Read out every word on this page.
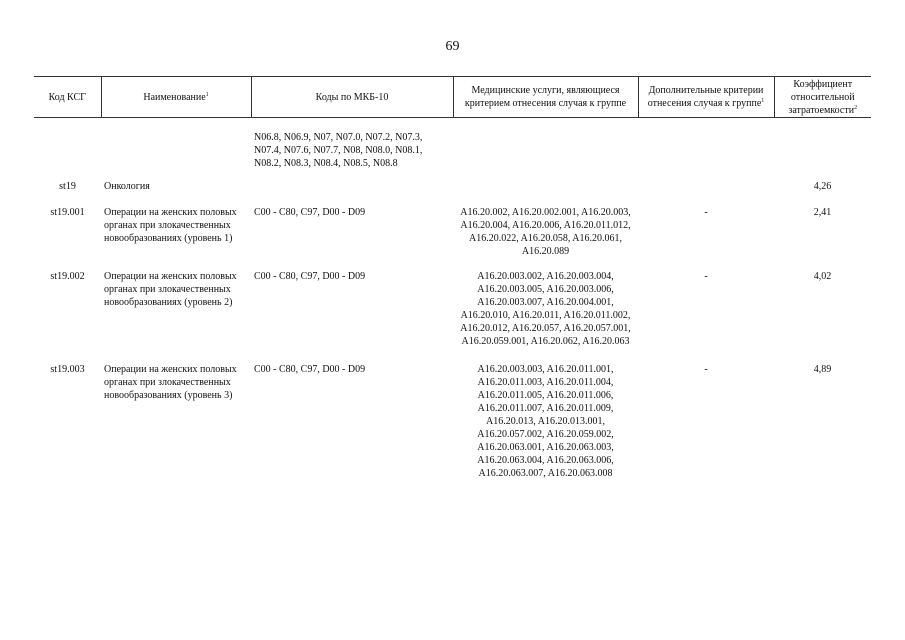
69
Код КСГ	Наименование$^1$	Коды по МКБ-10	Медицинские услуги, являющиеся критерием отнесения случая к группе	Дополнительные критерии отнесения случая к группе$^1$	Коэффициент относительной затратоемкости$^2$
		N06.8, N06.9, N07, N07.0, N07.2, N07.3, N07.4, N07.6, N07.7, N08, N08.0, N08.1, N08.2, N08.3, N08.4, N08.5, N08.8			
st19	Онкология				4,26
st19.001	Операции на женских половых органах при злокачественных новообразованиях (уровень 1)	C00 - C80, C97, D00 - D09	A16.20.002, A16.20.002.001, A16.20.003, A16.20.004, A16.20.006, A16.20.011.012, A16.20.022, A16.20.058, A16.20.061, A16.20.089	-	2,41
st19.002	Операции на женских половых органах при злокачественных новообразованиях (уровень 2)	C00 - C80, C97, D00 - D09	A16.20.003.002, A16.20.003.004, A16.20.003.005, A16.20.003.006, A16.20.003.007, A16.20.004.001, A16.20.010, A16.20.011, A16.20.011.002, A16.20.012, A16.20.057, A16.20.057.001, A16.20.059.001, A16.20.062, A16.20.063	-	4,02
st19.003	Операции на женских половых органах при злокачественных новообразованиях (уровень 3)	C00 - C80, C97, D00 - D09	A16.20.003.003, A16.20.011.001, A16.20.011.003, A16.20.011.004, A16.20.011.005, A16.20.011.006, A16.20.011.007, A16.20.011.009, A16.20.013, A16.20.013.001, A16.20.057.002, A16.20.059.002, A16.20.063.001, A16.20.063.003, A16.20.063.004, A16.20.063.006, A16.20.063.007, A16.20.063.008	-	4,89
